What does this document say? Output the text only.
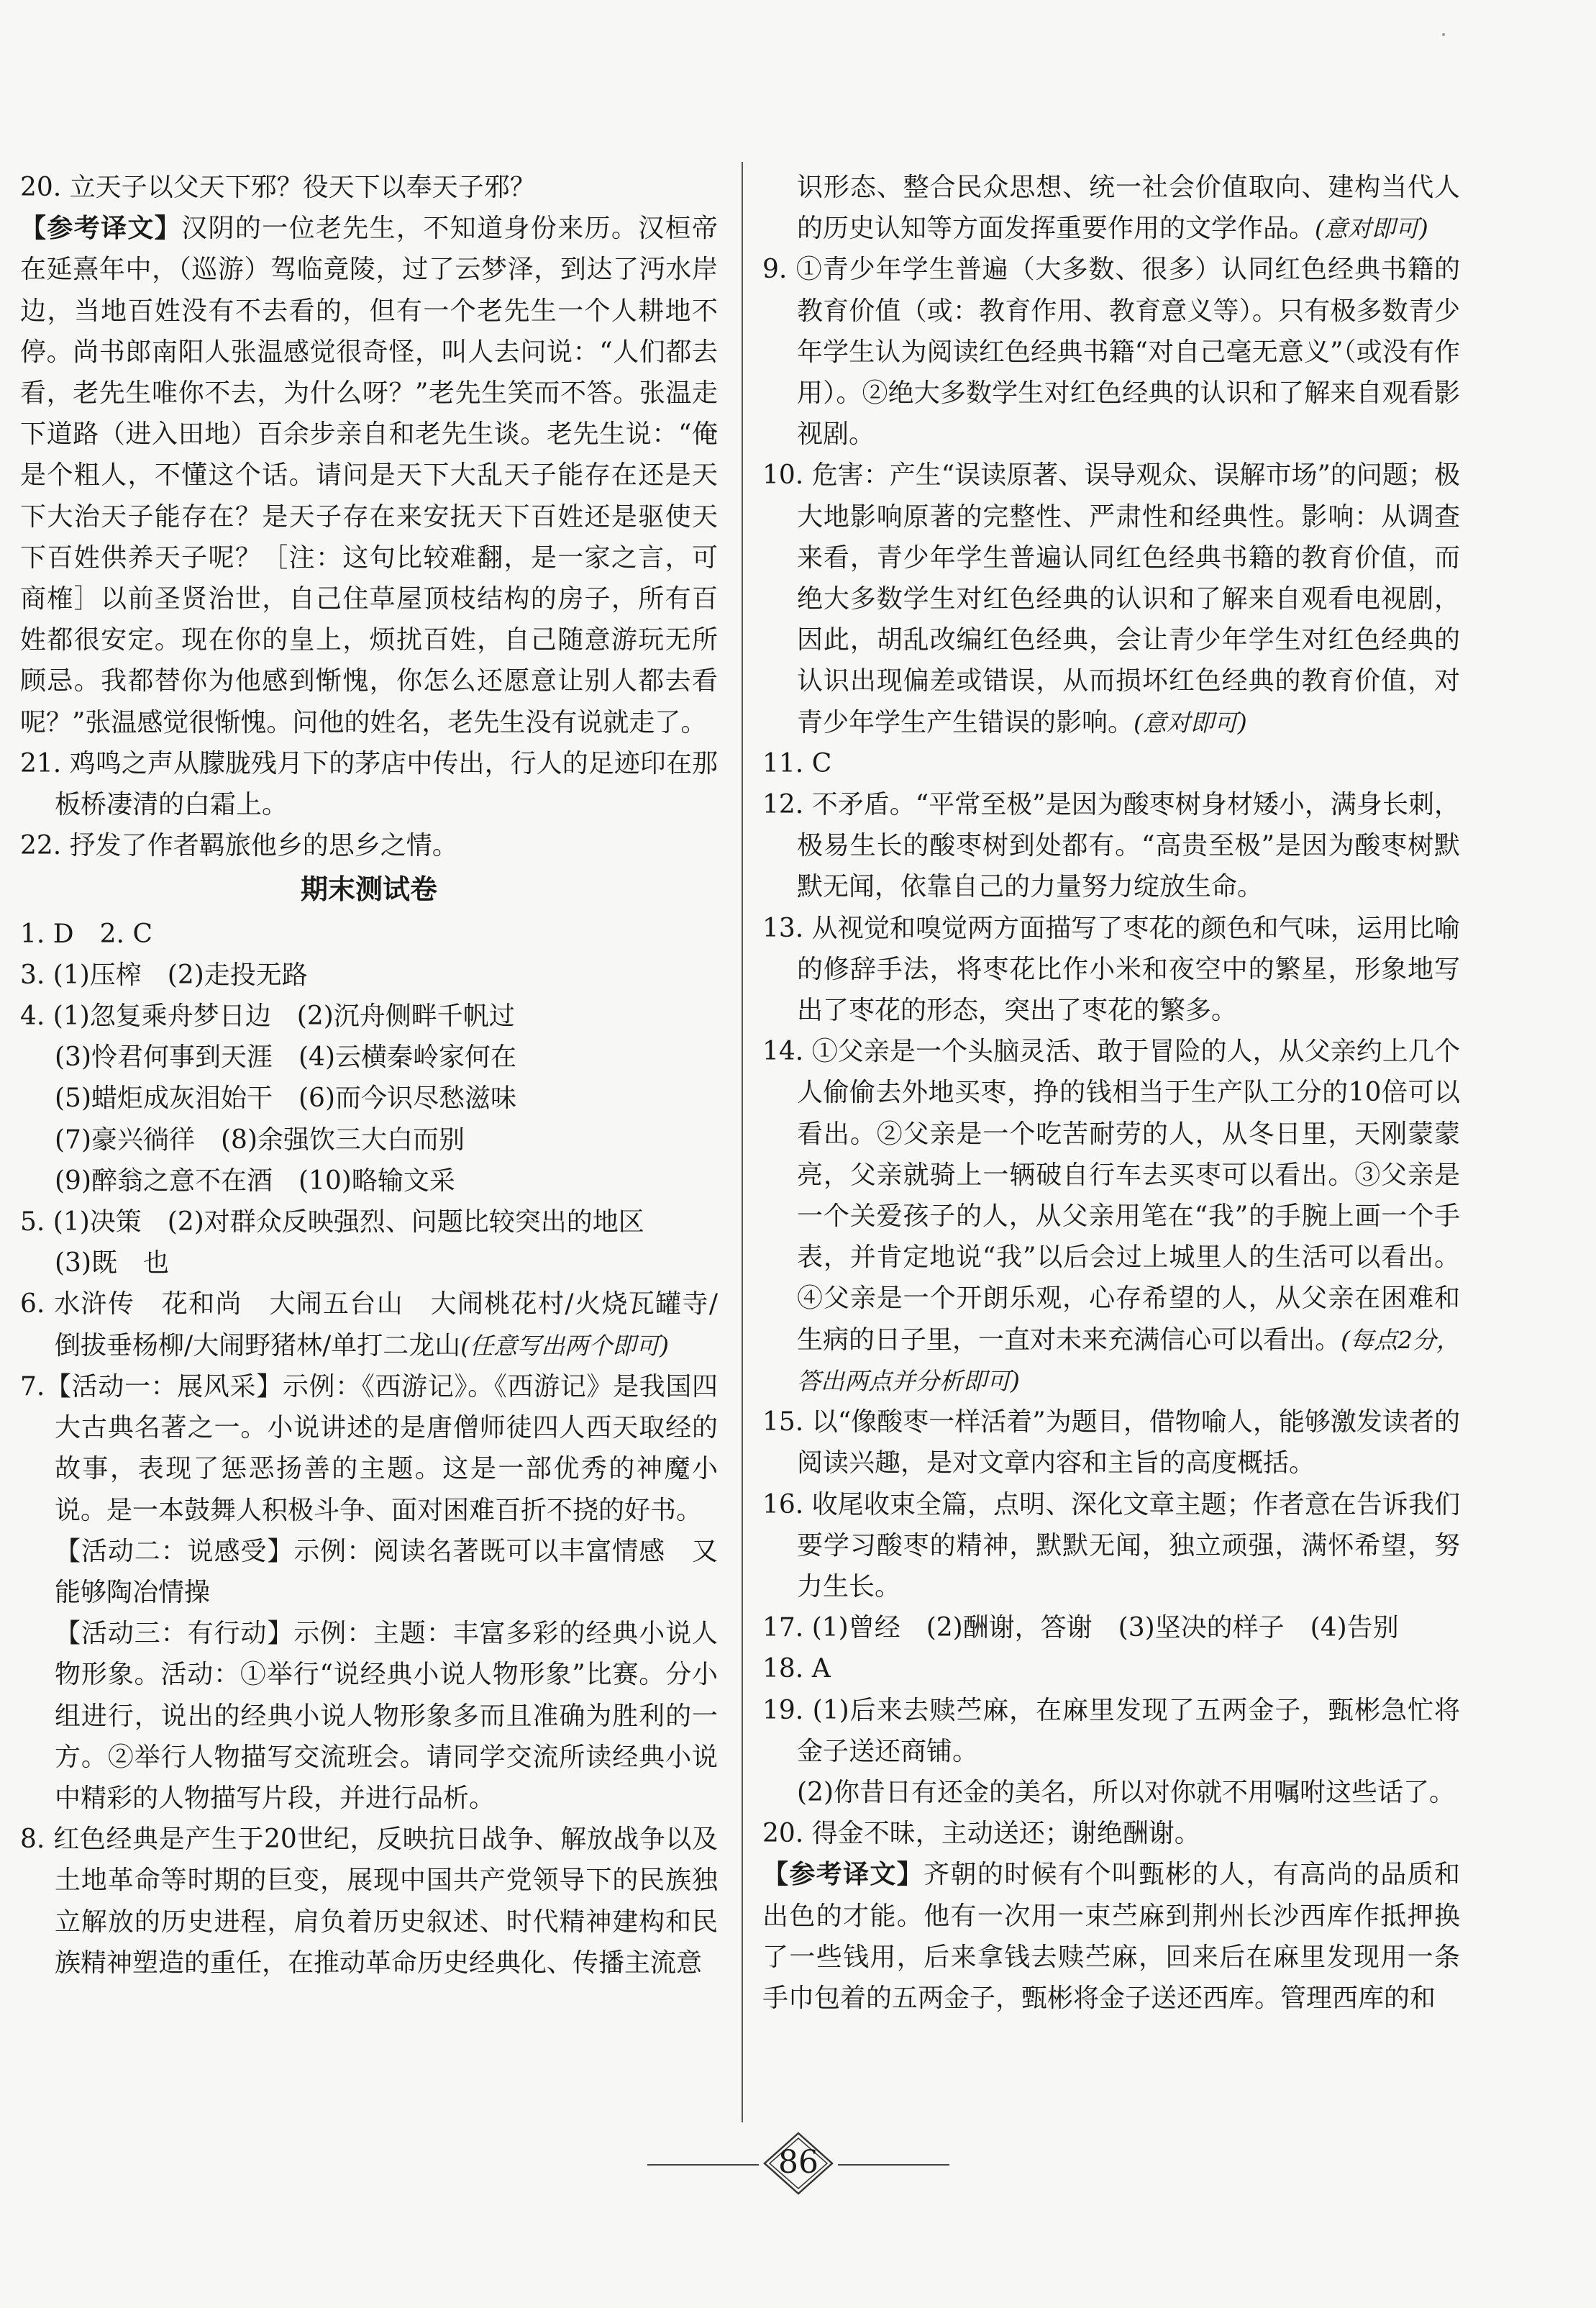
20. 立天子以父天下邪？役天下以奉天子邪？

【参考译文】汉阴的一位老先生，不知道身份来历。汉桓帝在延熹年中，（巡游）驾临竟陵，过了云梦泽，到达了沔水岸边，当地百姓没有不去看的，但有一个老先生一个人耕地不停。尚书郎南阳人张温感觉很奇怪，叫人去问说：“人们都去看，老先生唯你不去，为什么呀？”老先生笑而不答。张温走下道路（进入田地）百余步亲自和老先生谈。老先生说：“俺是个粗人，不懂这个话。请问是天下大乱天子能存在还是天下大治天子能存在？是天子存在来安抚天下百姓还是驱使天下百姓供养天子呢？［注：这句比较难翻，是一家之言，可商榷］以前圣贤治世，自己住草屋顶枝结构的房子，所有百姓都很安定。现在你的皇上，烦扰百姓，自己随意游玩无所顾忌。我都替你为他感到惭愧，你怎么还愿意让别人都去看呢？”张温感觉很惭愧。问他的姓名，老先生没有说就走了。

21. 鸡鸣之声从朦胧残月下的茅店中传出，行人的足迹印在那板桥凄清的白霜上。

22. 抒发了作者羁旅他乡的思乡之情。

期末测试卷

1. D　2. C

3. (1)压榨　(2)走投无路

4. (1)忽复乘舟梦日边　(2)沉舟侧畔千帆过

(3)怜君何事到天涯　(4)云横秦岭家何在

(5)蜡炬成灰泪始干　(6)而今识尽愁滋味

(7)豪兴徜徉　(8)余强饮三大白而别

(9)醉翁之意不在酒　(10)略输文采

5. (1)决策　(2)对群众反映强烈、问题比较突出的地区

(3)既　也

6. 水浒传　花和尚　大闹五台山　大闹桃花村/火烧瓦罐寺/倒拔垂杨柳/大闹野猪林/单打二龙山(任意写出两个即可)

7.【活动一：展风采】示例：《西游记》。《西游记》是我国四大古典名著之一。小说讲述的是唐僧师徒四人西天取经的故事，表现了惩恶扬善的主题。这是一部优秀的神魔小说。是一本鼓舞人积极斗争、面对困难百折不挠的好书。

【活动二：说感受】示例：阅读名著既可以丰富情感　又能够陶冶情操

【活动三：有行动】示例：主题：丰富多彩的经典小说人物形象。活动：①举行“说经典小说人物形象”比赛。分小组进行，说出的经典小说人物形象多而且准确为胜利的一方。②举行人物描写交流班会。请同学交流所读经典小说中精彩的人物描写片段，并进行品析。

8. 红色经典是产生于20世纪，反映抗日战争、解放战争以及土地革命等时期的巨变，展现中国共产党领导下的民族独立解放的历史进程，肩负着历史叙述、时代精神建构和民族精神塑造的重任，在推动革命历史经典化、传播主流意

识形态、整合民众思想、统一社会价值取向、建构当代人的历史认知等方面发挥重要作用的文学作品。(意对即可)

9. ①青少年学生普遍（大多数、很多）认同红色经典书籍的教育价值（或：教育作用、教育意义等）。只有极多数青少年学生认为阅读红色经典书籍“对自己毫无意义”（或没有作用）。②绝大多数学生对红色经典的认识和了解来自观看影视剧。

10. 危害：产生“误读原著、误导观众、误解市场”的问题；极大地影响原著的完整性、严肃性和经典性。影响：从调查来看，青少年学生普遍认同红色经典书籍的教育价值，而绝大多数学生对红色经典的认识和了解来自观看电视剧，因此，胡乱改编红色经典，会让青少年学生对红色经典的认识出现偏差或错误，从而损坏红色经典的教育价值，对青少年学生产生错误的影响。(意对即可)

11. C

12. 不矛盾。“平常至极”是因为酸枣树身材矮小，满身长刺，极易生长的酸枣树到处都有。“高贵至极”是因为酸枣树默默无闻，依靠自己的力量努力绽放生命。

13. 从视觉和嗅觉两方面描写了枣花的颜色和气味，运用比喻的修辞手法，将枣花比作小米和夜空中的繁星，形象地写出了枣花的形态，突出了枣花的繁多。

14. ①父亲是一个头脑灵活、敢于冒险的人，从父亲约上几个人偷偷去外地买枣，挣的钱相当于生产队工分的10倍可以看出。②父亲是一个吃苦耐劳的人，从冬日里，天刚蒙蒙亮，父亲就骑上一辆破自行车去买枣可以看出。③父亲是一个关爱孩子的人，从父亲用笔在“我”的手腕上画一个手表，并肯定地说“我”以后会过上城里人的生活可以看出。④父亲是一个开朗乐观，心存希望的人，从父亲在困难和生病的日子里，一直对未来充满信心可以看出。(每点2分，答出两点并分析即可)

15. 以“像酸枣一样活着”为题目，借物喻人，能够激发读者的阅读兴趣，是对文章内容和主旨的高度概括。

16. 收尾收束全篇，点明、深化文章主题；作者意在告诉我们要学习酸枣的精神，默默无闻，独立顽强，满怀希望，努力生长。

17. (1)曾经　(2)酬谢，答谢　(3)坚决的样子　(4)告别

18. A

19. (1)后来去赎苎麻，在麻里发现了五两金子，甄彬急忙将金子送还商铺。

(2)你昔日有还金的美名，所以对你就不用嘱咐这些话了。

20. 得金不昧，主动送还；谢绝酬谢。

【参考译文】齐朝的时候有个叫甄彬的人，有高尚的品质和出色的才能。他有一次用一束苎麻到荆州长沙西库作抵押换了一些钱用，后来拿钱去赎苎麻，回来后在麻里发现用一条手巾包着的五两金子，甄彬将金子送还西库。管理西库的和

86
